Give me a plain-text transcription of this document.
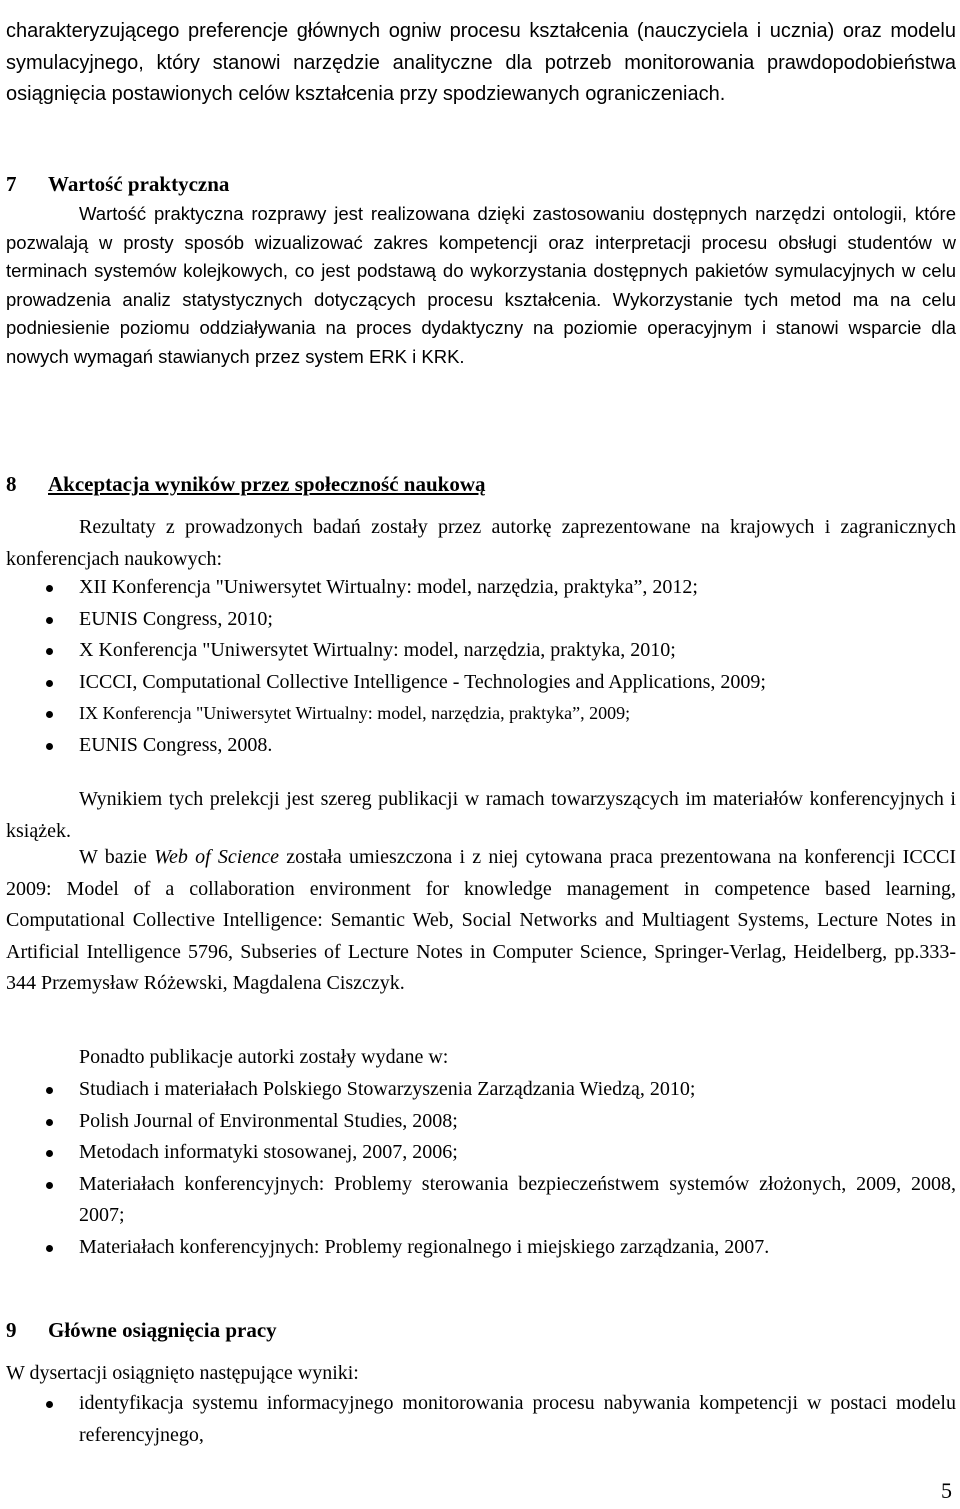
charakteryzującego preferencje głównych ogniw procesu kształcenia (nauczyciela i ucznia) oraz modelu symulacyjnego, który stanowi narzędzie analityczne dla potrzeb monitorowania prawdopodobieństwa osiągnięcia postawionych celów kształcenia przy spodziewanych ograniczeniach.

7 Wartość praktyczna

Wartość praktyczna rozprawy jest realizowana dzięki zastosowaniu dostępnych narzędzi ontologii, które pozwalają w prosty sposób wizualizować zakres kompetencji oraz interpretacji procesu obsługi studentów w terminach systemów kolejkowych, co jest podstawą do wykorzystania dostępnych pakietów symulacyjnych w celu prowadzenia analiz statystycznych dotyczących procesu kształcenia. Wykorzystanie tych metod ma na celu podniesienie poziomu oddziaływania na proces dydaktyczny na poziomie operacyjnym i stanowi wsparcie dla nowych wymagań stawianych przez system ERK i KRK.

8 Akceptacja wyników przez społeczność naukową

Rezultaty z prowadzonych badań zostały przez autorkę zaprezentowane na krajowych i zagranicznych konferencjach naukowych:

XII Konferencja "Uniwersytet Wirtualny: model, narzędzia, praktyka”, 2012;
EUNIS Congress, 2010;
X Konferencja "Uniwersytet Wirtualny: model, narzędzia, praktyka, 2010;
ICCCI, Computational Collective Intelligence - Technologies and Applications, 2009;
IX Konferencja "Uniwersytet Wirtualny: model, narzędzia, praktyka”, 2009;
EUNIS Congress, 2008.

Wynikiem tych prelekcji jest szereg publikacji w ramach towarzyszących im materiałów konferencyjnych i książek.

W bazie Web of Science została umieszczona i z niej cytowana praca prezentowana na konferencji ICCCI 2009: Model of a collaboration environment for knowledge management in competence based learning, Computational Collective Intelligence: Semantic Web, Social Networks and Multiagent Systems, Lecture Notes in Artificial Intelligence 5796, Subseries of Lecture Notes in Computer Science, Springer-Verlag, Heidelberg, pp.333-344 Przemysław Różewski, Magdalena Ciszczyk.

Ponadto publikacje autorki zostały wydane w:

Studiach i materiałach Polskiego Stowarzyszenia Zarządzania Wiedzą, 2010;
Polish Journal of Environmental Studies, 2008;
Metodach informatyki stosowanej, 2007, 2006;
Materiałach konferencyjnych: Problemy sterowania bezpieczeństwem systemów złożonych, 2009, 2008, 2007;
Materiałach konferencyjnych: Problemy regionalnego i miejskiego zarządzania, 2007.
9 Główne osiągnięcia pracy

W dysertacji osiągnięto następujące wyniki:

identyfikacja systemu informacyjnego monitorowania procesu nabywania kompetencji w postaci modelu referencyjnego,
5
